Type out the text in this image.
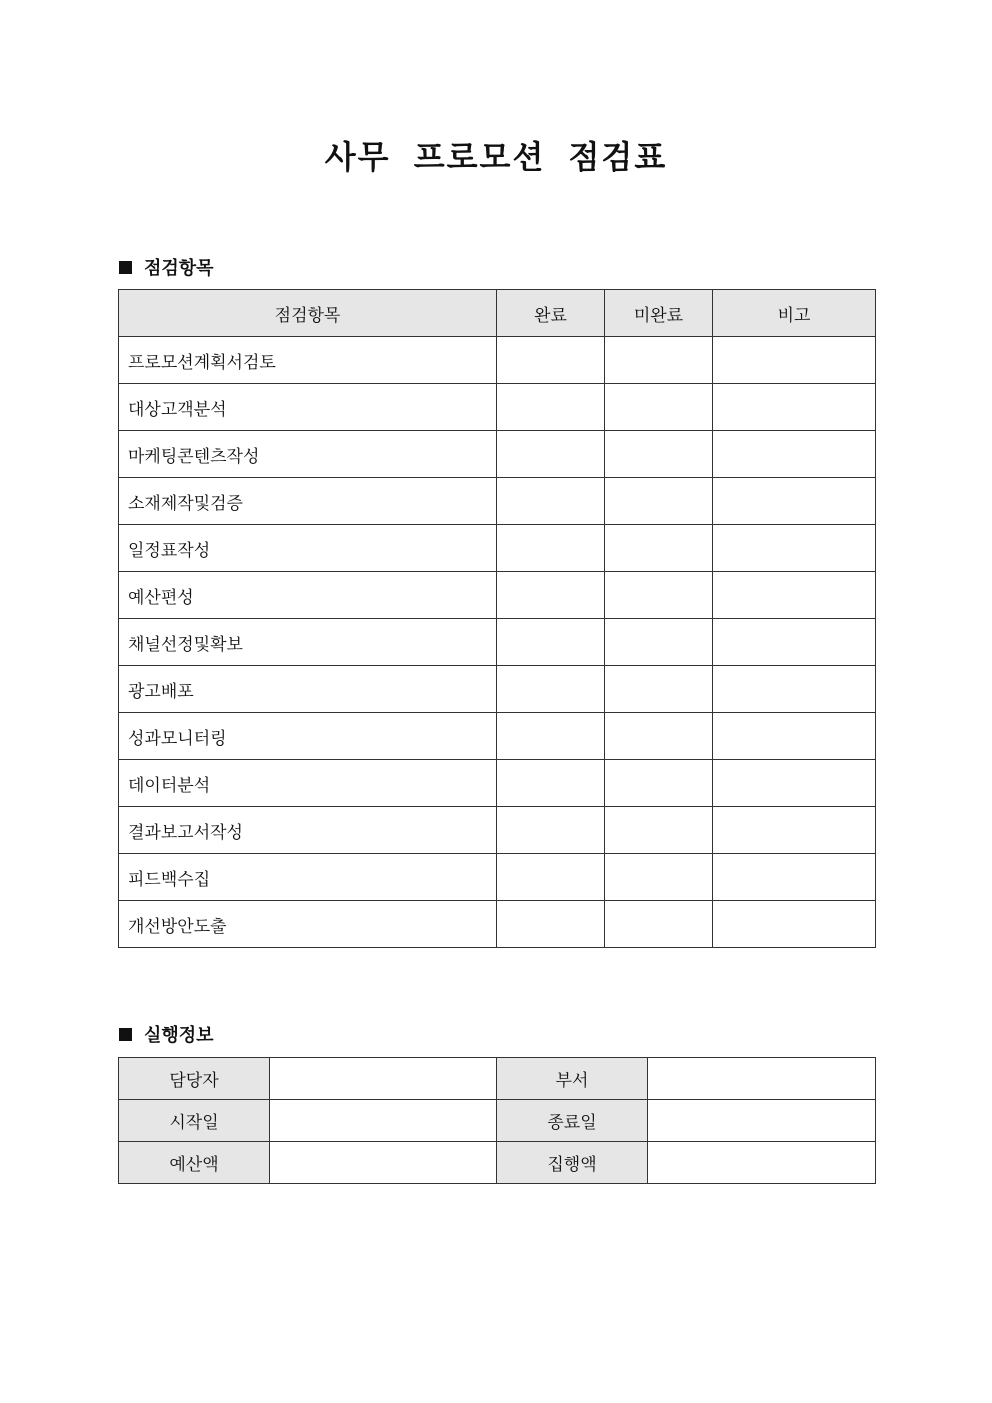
사무 프로모션 점검표
점검항목
점검항목	완료	미완료	비고
프로모션계획서검토			
대상고객분석			
마케팅콘텐츠작성			
소재제작및검증			
일정표작성			
예산편성			
채널선정및확보			
광고배포			
성과모니터링			
데이터분석			
결과보고서작성			
피드백수집			
개선방안도출			
실행정보
담당자		부서	
시작일		종료일	
예산액		집행액	
